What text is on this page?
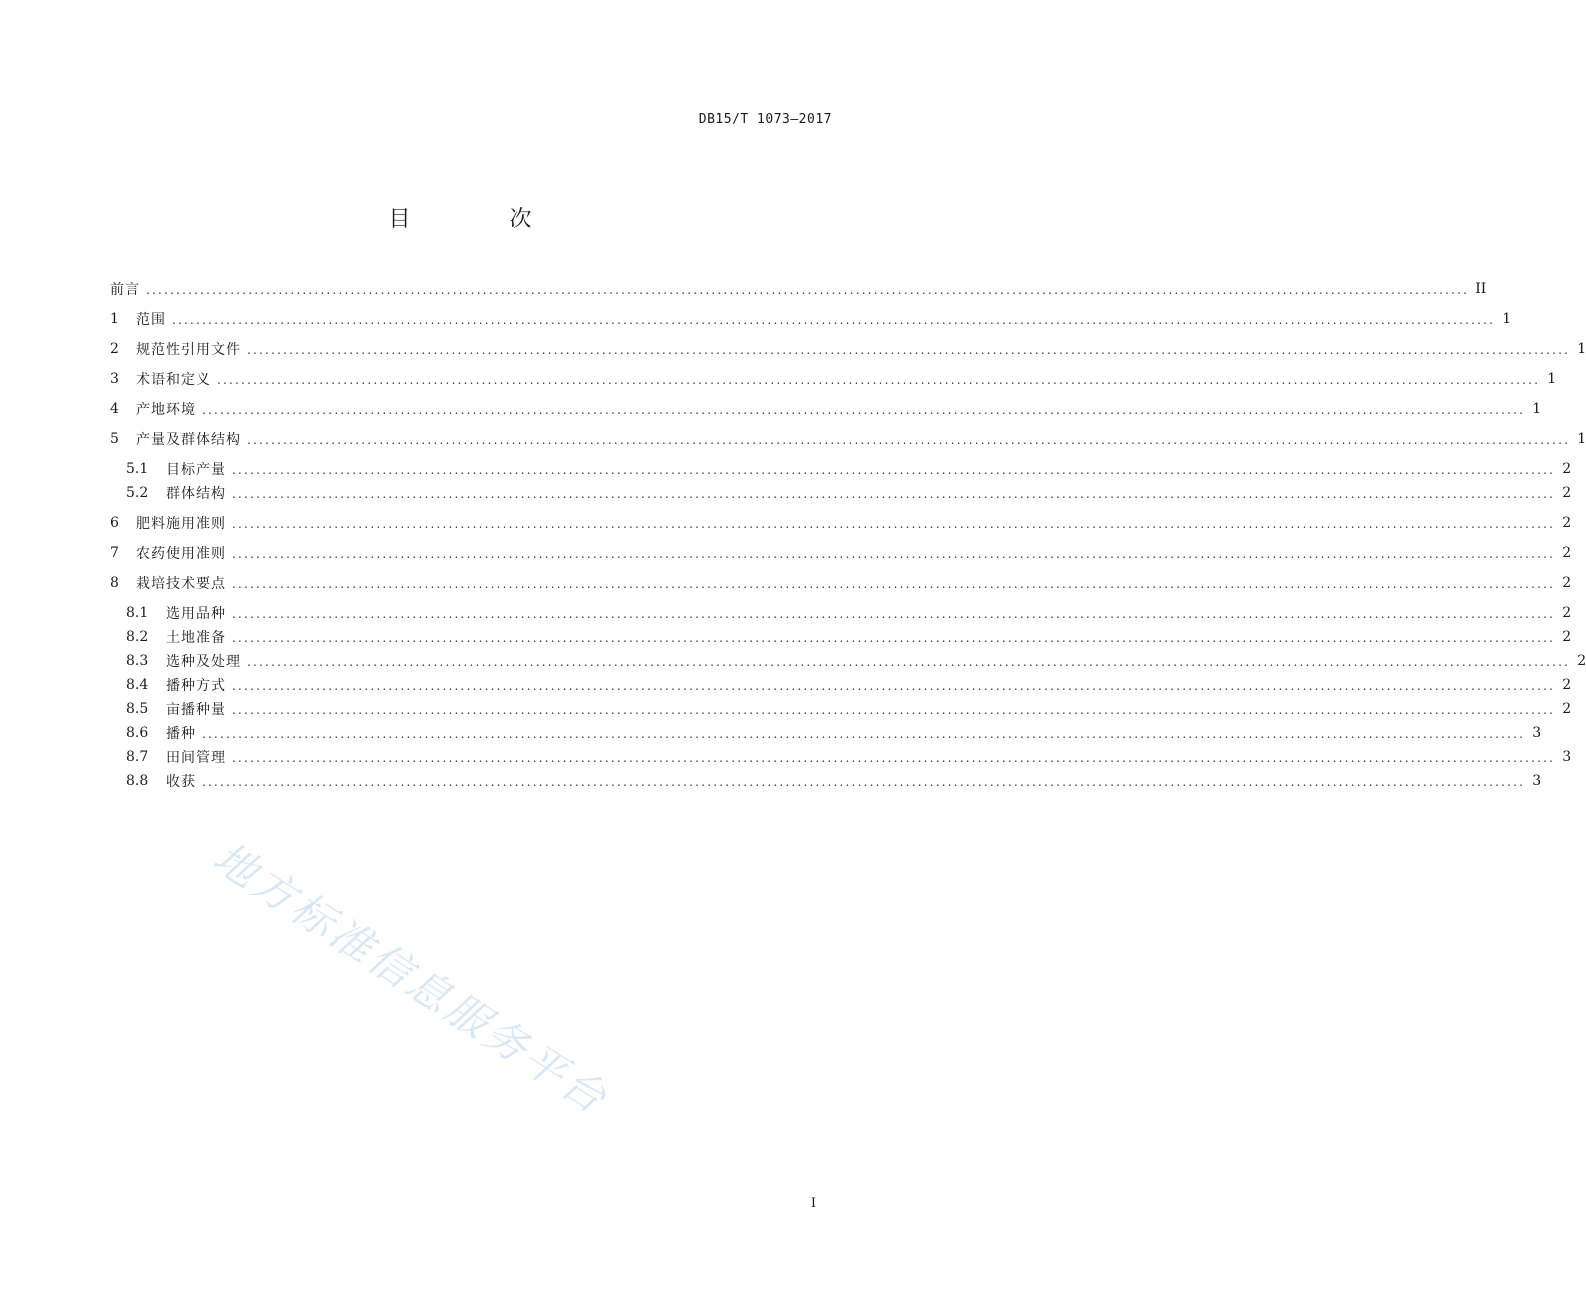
DB15/T 1073—2017
目 次
前言 ............................................................................................................................................................................................................................ II
1	范围 ............................................................................................................................................................................................................................ 1
2	规范性引用文件 ............................................................................................................................................................................................................................ 1
3	术语和定义 ............................................................................................................................................................................................................................ 1
4	产地环境 ............................................................................................................................................................................................................................ 1
5	产量及群体结构 ............................................................................................................................................................................................................................ 1
5.1	目标产量 ............................................................................................................................................................................................................................ 2
5.2	群体结构 ............................................................................................................................................................................................................................ 2
6	肥料施用准则 ............................................................................................................................................................................................................................ 2
7	农药使用准则 ............................................................................................................................................................................................................................ 2
8	栽培技术要点 ............................................................................................................................................................................................................................ 2
8.1	选用品种 ............................................................................................................................................................................................................................ 2
8.2	土地准备 ............................................................................................................................................................................................................................ 2
8.3	选种及处理 ............................................................................................................................................................................................................................ 2
8.4	播种方式 ............................................................................................................................................................................................................................ 2
8.5	亩播种量 ............................................................................................................................................................................................................................ 2
8.6	播种 ............................................................................................................................................................................................................................ 3
8.7	田间管理 ............................................................................................................................................................................................................................ 3
8.8	收获 ............................................................................................................................................................................................................................ 3
地方标准信息服务平台
I
